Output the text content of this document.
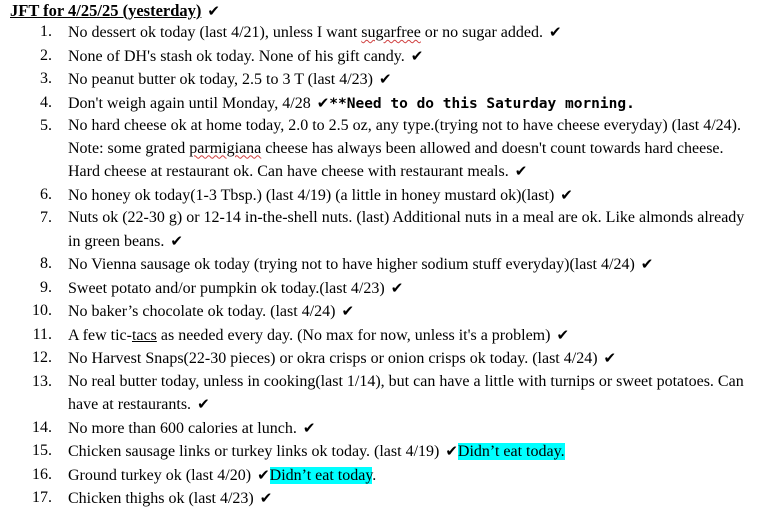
JFT for 4/25/25 (yesterday) ✔
1. No dessert ok today (last 4/21), unless I want sugarfree or no sugar added. ✔
2. None of DH's stash ok today. None of his gift candy. ✔
3. No peanut butter ok today, 2.5 to 3 T (last 4/23) ✔
4. Don't weigh again until Monday, 4/28 ✔**Need to do this Saturday morning.
5. No hard cheese ok at home today, 2.0 to 2.5 oz, any type.(trying not to have cheese everyday) (last 4/24). Note: some grated parmigiana cheese has always been allowed and doesn't count towards hard cheese. Hard cheese at restaurant ok. Can have cheese with restaurant meals. ✔
6. No honey ok today(1-3 Tbsp.) (last 4/19) (a little in honey mustard ok)(last) ✔
7. Nuts ok (22-30 g) or 12-14 in-the-shell nuts. (last) Additional nuts in a meal are ok. Like almonds already in green beans. ✔
8. No Vienna sausage ok today (trying not to have higher sodium stuff everyday)(last 4/24) ✔
9. Sweet potato and/or pumpkin ok today.(last 4/23) ✔
10. No baker’s chocolate ok today. (last 4/24) ✔
11. A few tic-tacs as needed every day. (No max for now, unless it's a problem) ✔
12. No Harvest Snaps(22-30 pieces) or okra crisps or onion crisps ok today. (last 4/24) ✔
13. No real butter today, unless in cooking(last 1/14), but can have a little with turnips or sweet potatoes. Can have at restaurants. ✔
14. No more than 600 calories at lunch. ✔
15. Chicken sausage links or turkey links ok today. (last 4/19) ✔Didn’t eat today.
16. Ground turkey ok (last 4/20) ✔Didn’t eat today.
17. Chicken thighs ok (last 4/23) ✔
